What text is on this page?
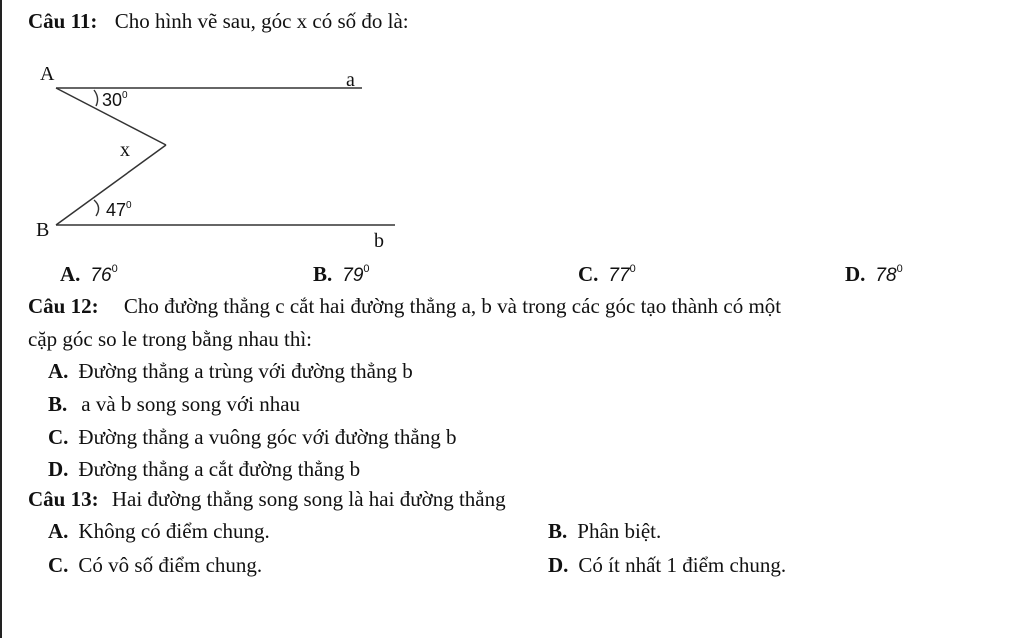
Câu 11: Cho hình vẽ sau, góc x có số đo là:
A
B
a
b
x
$30^0$
$47^0$
A. $76^0$	B. $79^0$	C. $77^0$	D. $78^0$
Câu 12: Cho đường thẳng c cắt hai đường thẳng a, b và trong các góc tạo thành có một
cặp góc so le trong bằng nhau thì:
A. Đường thẳng a trùng với đường thẳng b
B. a và b song song với nhau
C. Đường thẳng a vuông góc với đường thẳng b
D. Đường thẳng a cắt đường thẳng b
Câu 13: Hai đường thẳng song song là hai đường thẳng
A. Không có điểm chung.	B. Phân biệt.
C. Có vô số điểm chung.	D. Có ít nhất 1 điểm chung.
